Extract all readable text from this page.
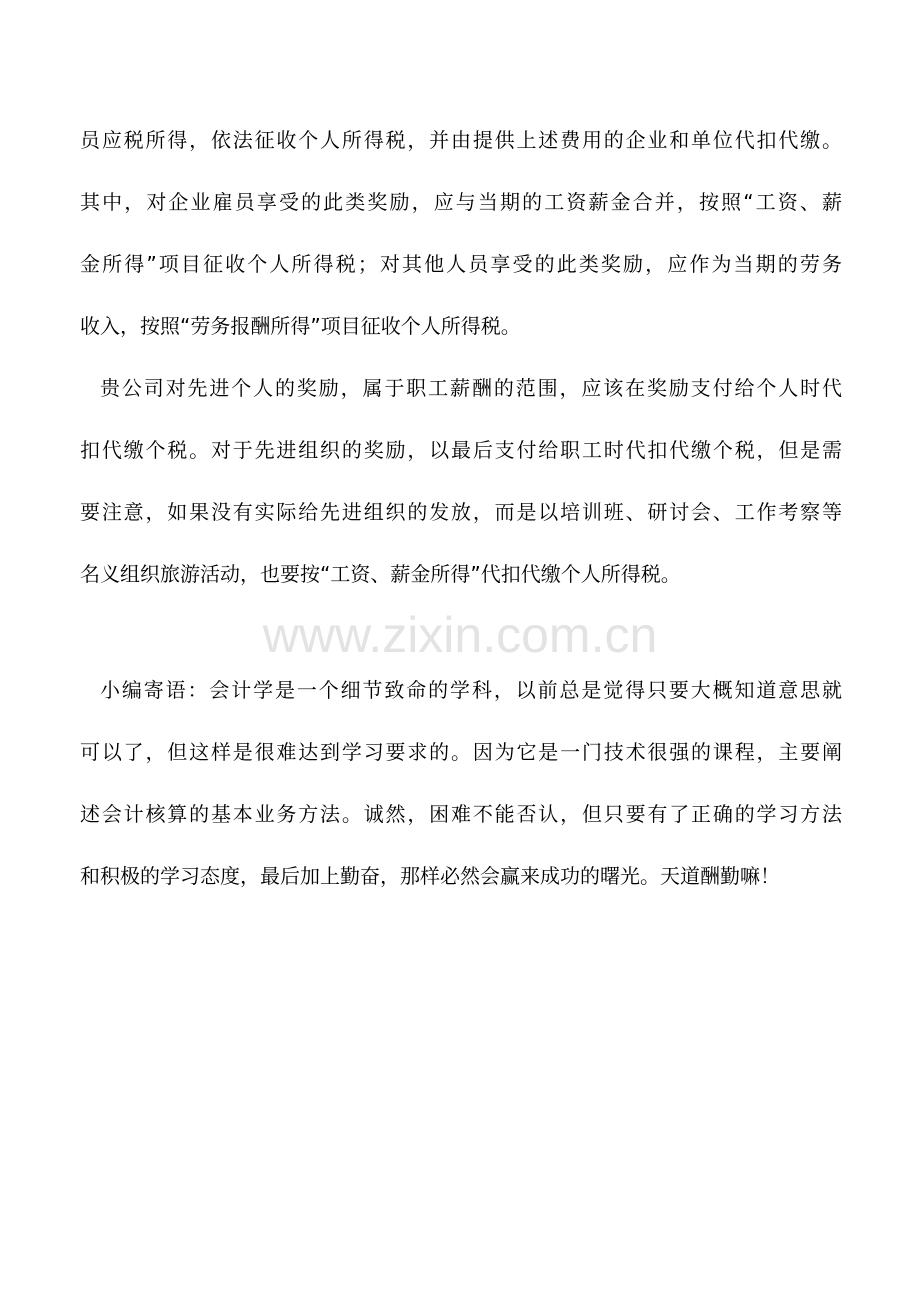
员应税所得，依法征收个人所得税，并由提供上述费用的企业和单位代扣代缴。
其中，对企业雇员享受的此类奖励，应与当期的工资薪金合并，按照“工资、薪
金所得”项目征收个人所得税；对其他人员享受的此类奖励，应作为当期的劳务
收入，按照“劳务报酬所得”项目征收个人所得税。
贵公司对先进个人的奖励，属于职工薪酬的范围，应该在奖励支付给个人时代
扣代缴个税。对于先进组织的奖励，以最后支付给职工时代扣代缴个税，但是需
要注意，如果没有实际给先进组织的发放，而是以培训班、研讨会、工作考察等
名义组织旅游活动，也要按“工资、薪金所得”代扣代缴个人所得税。
www.zixin.com.cn
小编寄语：会计学是一个细节致命的学科，以前总是觉得只要大概知道意思就
可以了，但这样是很难达到学习要求的。因为它是一门技术很强的课程，主要阐
述会计核算的基本业务方法。诚然，困难不能否认，但只要有了正确的学习方法
和积极的学习态度，最后加上勤奋，那样必然会赢来成功的曙光。天道酬勤嘛！
